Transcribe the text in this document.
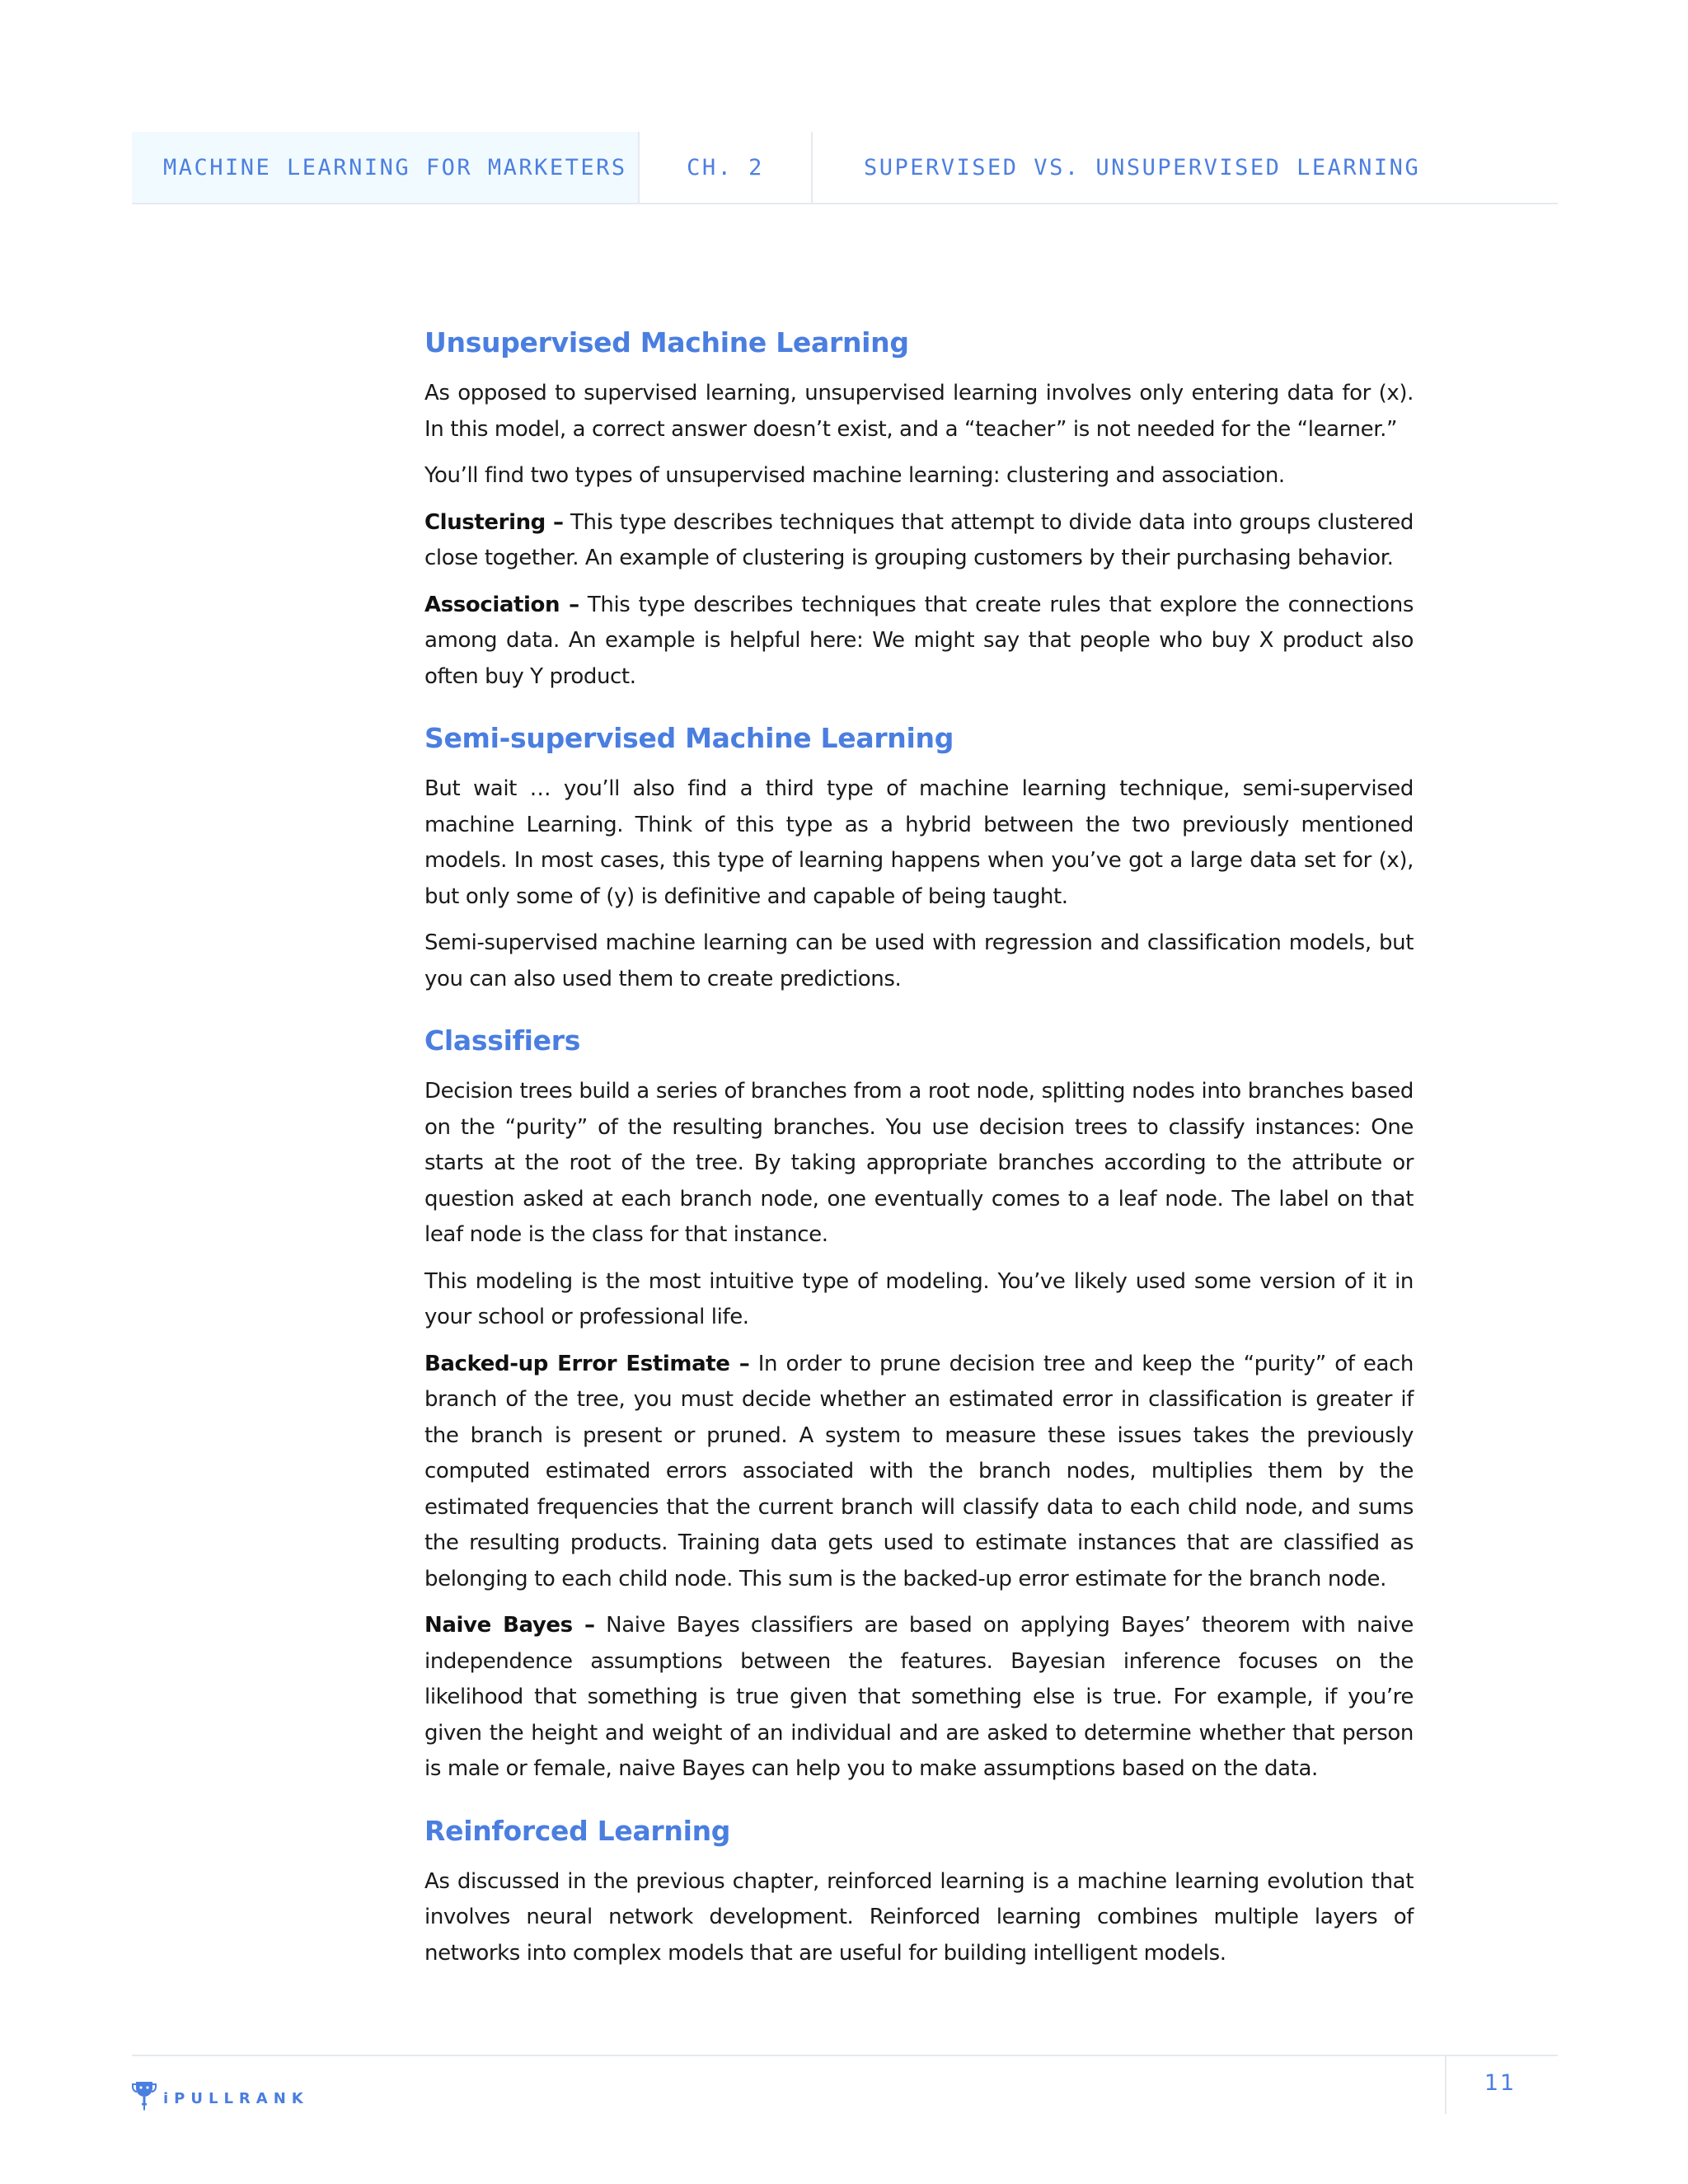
MACHINE LEARNING FOR MARKETERS	CH. 2	SUPERVISED VS. UNSUPERVISED LEARNING
Unsupervised Machine Learning

As opposed to supervised learning, unsupervised learning involves only entering data for (x). In this model, a correct answer doesn’t exist, and a “teacher” is not needed for the “learner.”

You’ll find two types of unsupervised machine learning: clustering and association.

Clustering – This type describes techniques that attempt to divide data into groups clustered close together. An example of clustering is grouping customers by their purchasing behavior.

Association – This type describes techniques that create rules that explore the connections among data. An example is helpful here: We might say that people who buy X product also often buy Y product.

Semi-supervised Machine Learning

But wait … you’ll also find a third type of machine learning technique, semi-supervised machine Learning. Think of this type as a hybrid between the two previously mentioned models. In most cases, this type of learning happens when you’ve got a large data set for (x), but only some of (y) is definitive and capable of being taught.

Semi-supervised machine learning can be used with regression and classification models, but you can also used them to create predictions.

Classifiers

Decision trees build a series of branches from a root node, splitting nodes into branches based on the “purity” of the resulting branches. You use decision trees to classify instances: One starts at the root of the tree. By taking appropriate branches according to the attribute or question asked at each branch node, one eventually comes to a leaf node. The label on that leaf node is the class for that instance.

This modeling is the most intuitive type of modeling. You’ve likely used some version of it in your school or professional life.

Backed-up Error Estimate – In order to prune decision tree and keep the “purity” of each branch of the tree, you must decide whether an estimated error in classification is greater if the branch is present or pruned. A system to measure these issues takes the previously computed estimated errors associated with the branch nodes, multiplies them by the estimated frequencies that the current branch will classify data to each child node, and sums the resulting products. Training data gets used to estimate instances that are classified as belonging to each child node. This sum is the backed-up error estimate for the branch node.

Naive Bayes – Naive Bayes classifiers are based on applying Bayes’ theorem with naive independence assumptions between the features. Bayesian inference focuses on the likelihood that something is true given that something else is true. For example, if you’re given the height and weight of an individual and are asked to determine whether that person is male or female, naive Bayes can help you to make assumptions based on the data.

Reinforced Learning

As discussed in the previous chapter, reinforced learning is a machine learning evolution that involves neural network development. Reinforced learning combines multiple layers of networks into complex models that are useful for building intelligent models.

iPULLRANK
11
